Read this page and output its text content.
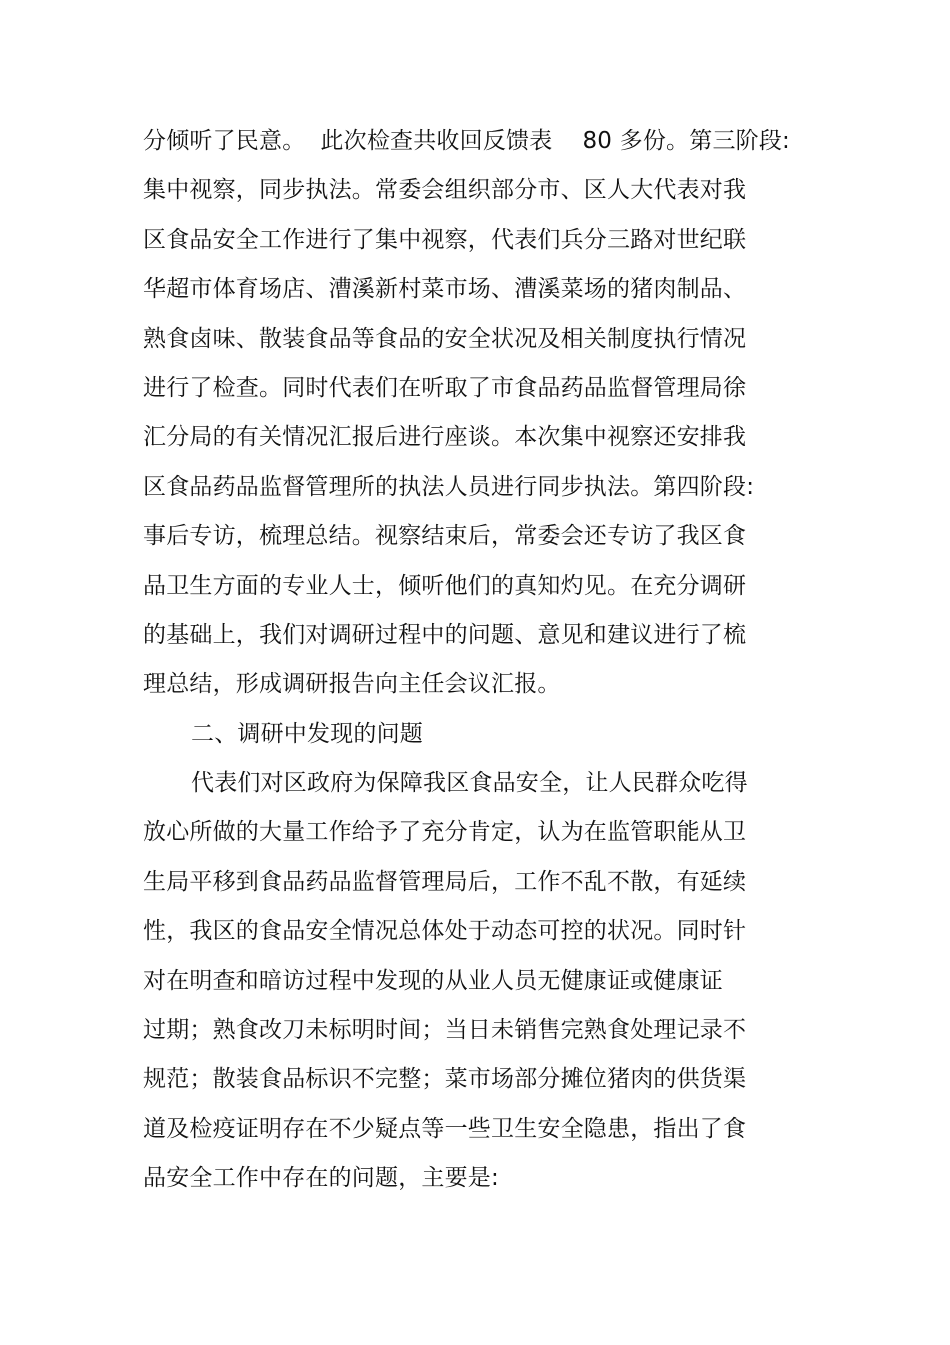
分倾听了民意。  此次检查共收回反馈表    80 多份。第三阶段:
集中视察，同步执法。常委会组织部分市、区人大代表对我
区食品安全工作进行了集中视察，代表们兵分三路对世纪联
华超市体育场店、漕溪新村菜市场、漕溪菜场的猪肉制品、
熟食卤味、散装食品等食品的安全状况及相关制度执行情况
进行了检查。同时代表们在听取了市食品药品监督管理局徐
汇分局的有关情况汇报后进行座谈。本次集中视察还安排我
区食品药品监督管理所的执法人员进行同步执法。第四阶段:
事后专访，梳理总结。视察结束后，常委会还专访了我区食
品卫生方面的专业人士，倾听他们的真知灼见。在充分调研
的基础上，我们对调研过程中的问题、意见和建议进行了梳
理总结，形成调研报告向主任会议汇报。
二、调研中发现的问题
代表们对区政府为保障我区食品安全，让人民群众吃得
放心所做的大量工作给予了充分肯定，认为在监管职能从卫
生局平移到食品药品监督管理局后，工作不乱不散，有延续
性，我区的食品安全情况总体处于动态可控的状况。同时针
对在明查和暗访过程中发现的从业人员无健康证或健康证
过期；熟食改刀未标明时间；当日未销售完熟食处理记录不
规范；散装食品标识不完整；菜市场部分摊位猪肉的供货渠
道及检疫证明存在不少疑点等一些卫生安全隐患，指出了食
品安全工作中存在的问题，主要是:
